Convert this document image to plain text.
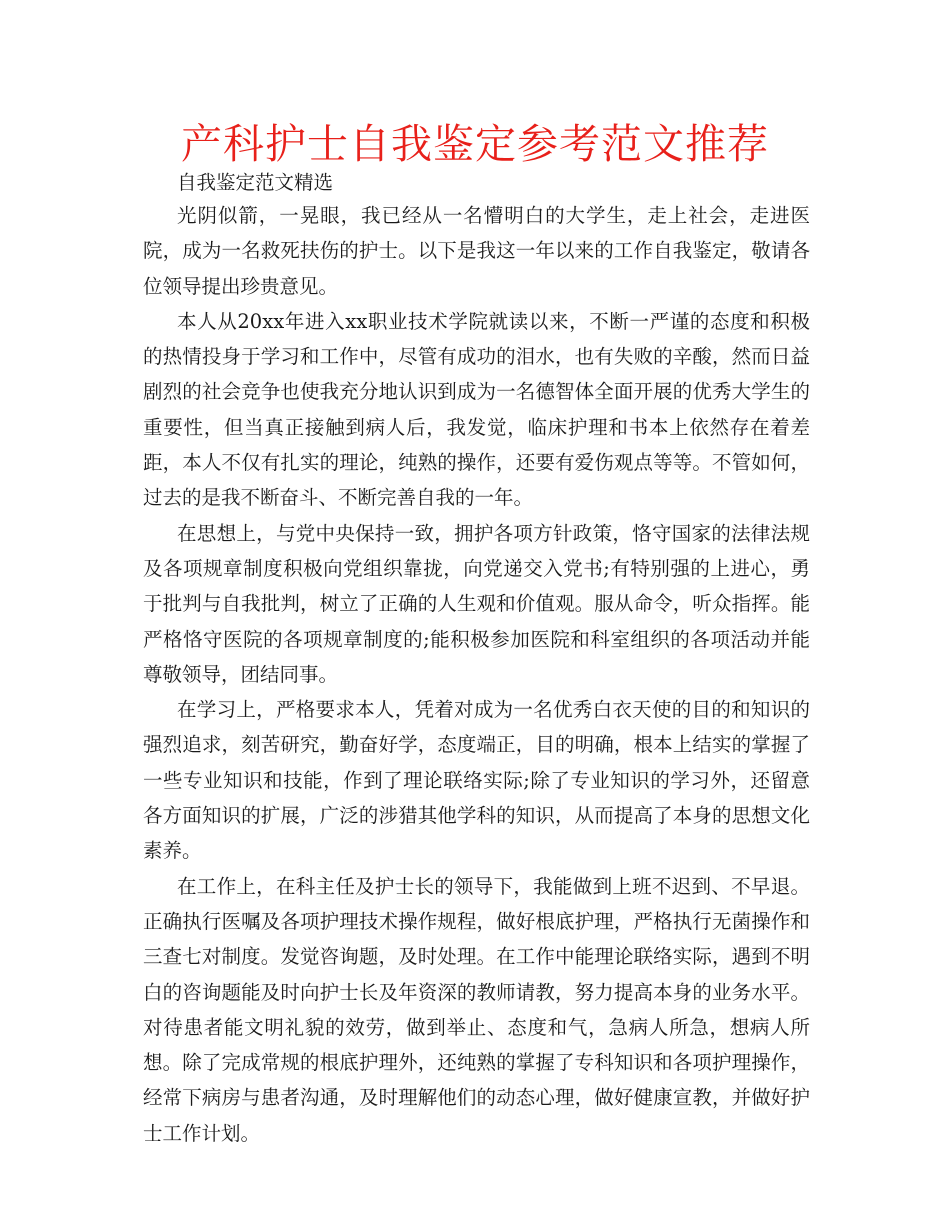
产科护士自我鉴定参考范文推荐
自我鉴定范文精选

光阴似箭，一晃眼，我已经从一名懵明白的大学生，走上社会，走进医院，成为一名救死扶伤的护士。以下是我这一年以来的工作自我鉴定，敬请各位领导提出珍贵意见。

本人从20xx年进入xx职业技术学院就读以来，不断一严谨的态度和积极的热情投身于学习和工作中，尽管有成功的泪水，也有失败的辛酸，然而日益剧烈的社会竞争也使我充分地认识到成为一名德智体全面开展的优秀大学生的重要性，但当真正接触到病人后，我发觉，临床护理和书本上依然存在着差距，本人不仅有扎实的理论，纯熟的操作，还要有爱伤观点等等。不管如何，过去的是我不断奋斗、不断完善自我的一年。

在思想上，与党中央保持一致，拥护各项方针政策，恪守国家的法律法规及各项规章制度积极向党组织靠拢，向党递交入党书;有特别强的上进心，勇于批判与自我批判，树立了正确的人生观和价值观。服从命令，听众指挥。能严格恪守医院的各项规章制度的;能积极参加医院和科室组织的各项活动并能尊敬领导，团结同事。

在学习上，严格要求本人，凭着对成为一名优秀白衣天使的目的和知识的强烈追求，刻苦研究，勤奋好学，态度端正，目的明确，根本上结实的掌握了一些专业知识和技能，作到了理论联络实际;除了专业知识的学习外，还留意各方面知识的扩展，广泛的涉猎其他学科的知识，从而提高了本身的思想文化素养。

在工作上，在科主任及护士长的领导下，我能做到上班不迟到、不早退。正确执行医嘱及各项护理技术操作规程，做好根底护理，严格执行无菌操作和三查七对制度。发觉咨询题，及时处理。在工作中能理论联络实际，遇到不明白的咨询题能及时向护士长及年资深的教师请教，努力提高本身的业务水平。对待患者能文明礼貌的效劳，做到举止、态度和气，急病人所急，想病人所想。除了完成常规的根底护理外，还纯熟的掌握了专科知识和各项护理操作，经常下病房与患者沟通，及时理解他们的动态心理，做好健康宣教，并做好护士工作计划。
